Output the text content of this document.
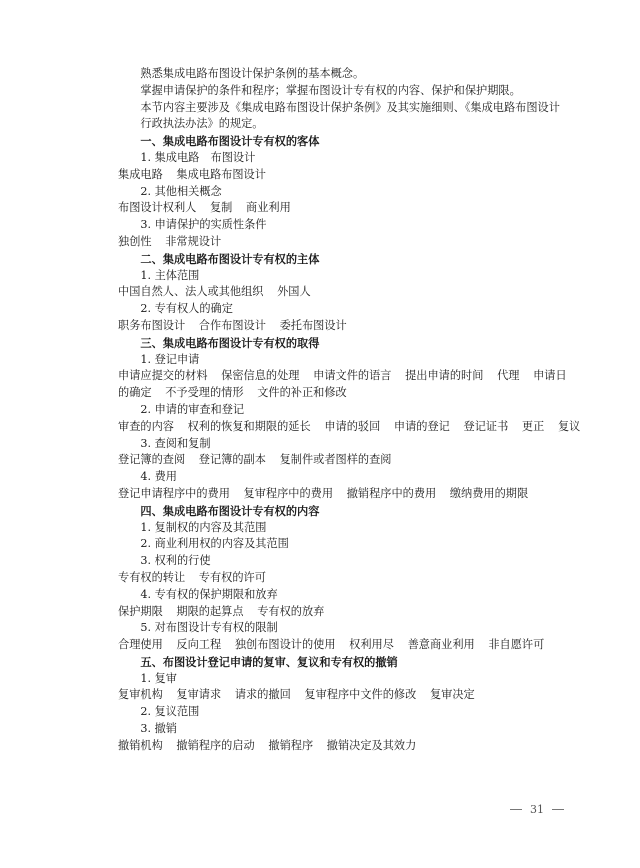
熟悉集成电路布图设计保护条例的基本概念。
掌握申请保护的条件和程序；掌握布图设计专有权的内容、保护和保护期限。
本节内容主要涉及《集成电路布图设计保护条例》及其实施细则、《集成电路布图设计行政执法办法》的规定。
一、集成电路布图设计专有权的客体
1. 集成电路　布图设计
集成电路 集成电路布图设计
2. 其他相关概念
布图设计权利人 复制 商业利用
3. 申请保护的实质性条件
独创性 非常规设计
二、集成电路布图设计专有权的主体
1. 主体范围
中国自然人、法人或其他组织 外国人
2. 专有权人的确定
职务布图设计 合作布图设计 委托布图设计
三、集成电路布图设计专有权的取得
1. 登记申请
申请应提交的材料 保密信息的处理 申请文件的语言 提出申请的时间 代理 申请日的确定 不予受理的情形 文件的补正和修改
2. 申请的审查和登记
审查的内容 权利的恢复和期限的延长 申请的驳回 申请的登记 登记证书 更正 复议
3. 查阅和复制
登记簿的查阅 登记簿的副本 复制件或者图样的查阅
4. 费用
登记申请程序中的费用 复审程序中的费用 撤销程序中的费用 缴纳费用的期限
四、集成电路布图设计专有权的内容
1. 复制权的内容及其范围
2. 商业利用权的内容及其范围
3. 权利的行使
专有权的转让 专有权的许可
4. 专有权的保护期限和放弃
保护期限 期限的起算点 专有权的放弃
5. 对布图设计专有权的限制
合理使用 反向工程 独创布图设计的使用 权利用尽 善意商业利用 非自愿许可
五、布图设计登记申请的复审、复议和专有权的撤销
1. 复审
复审机构 复审请求 请求的撤回 复审程序中文件的修改 复审决定
2. 复议范围
3. 撤销
撤销机构 撤销程序的启动 撤销程序 撤销决定及其效力
31
